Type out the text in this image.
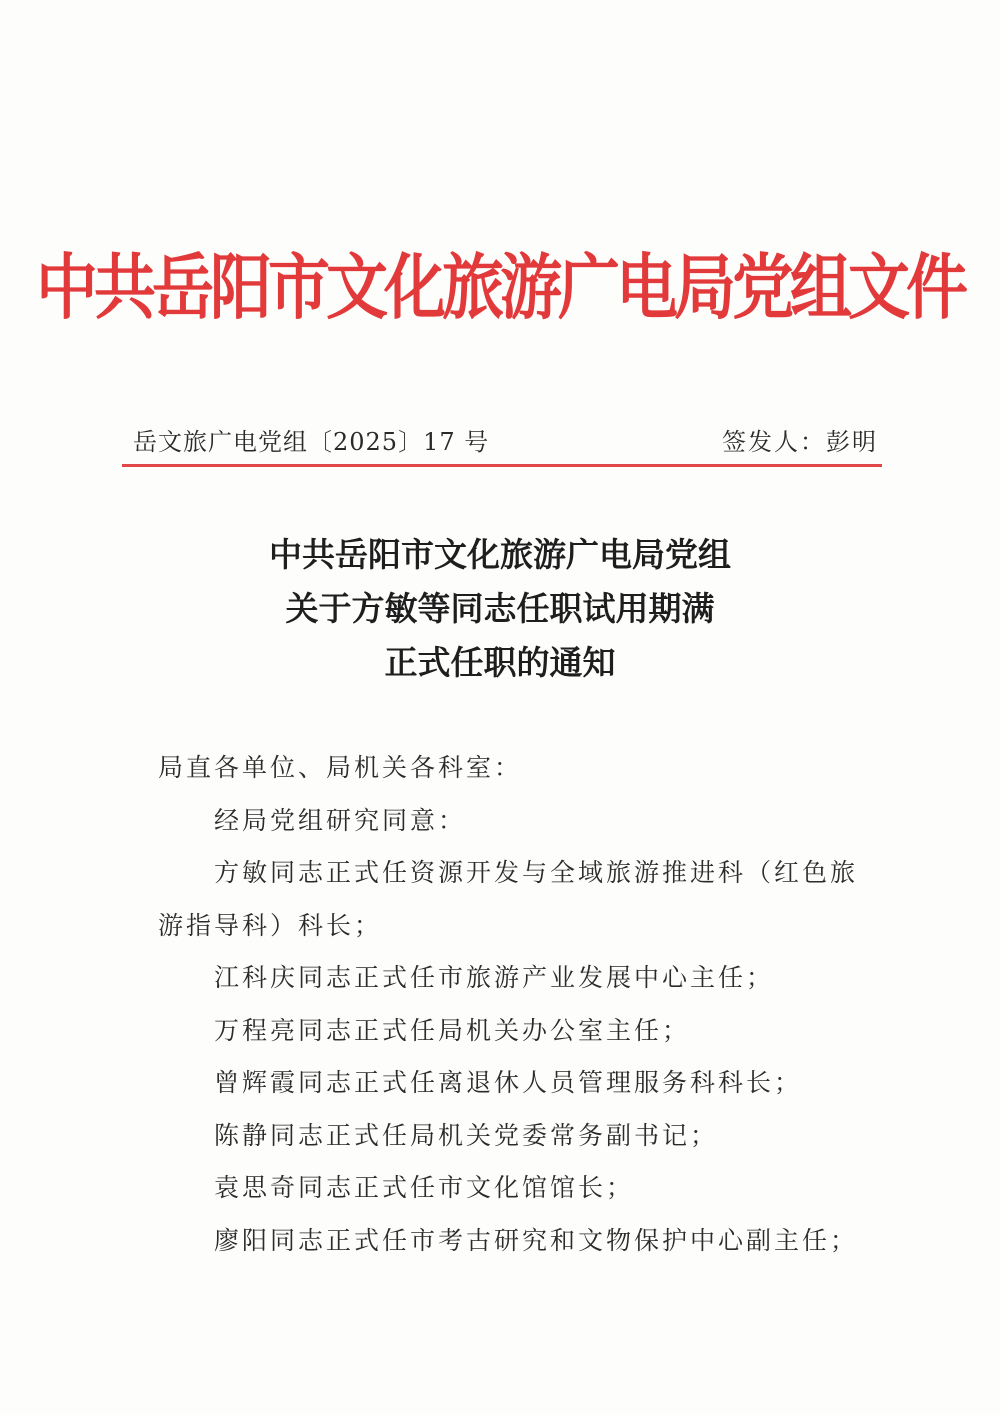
中共岳阳市文化旅游广电局党组文件
岳文旅广电党组〔2025〕17 号	签发人：彭明
中共岳阳市文化旅游广电局党组
关于方敏等同志任职试用期满
正式任职的通知

局直各单位、局机关各科室：

经局党组研究同意：

方敏同志正式任资源开发与全域旅游推进科（红色旅游指导科）科长；

江科庆同志正式任市旅游产业发展中心主任；

万程亮同志正式任局机关办公室主任；

曾辉霞同志正式任离退休人员管理服务科科长；

陈静同志正式任局机关党委常务副书记；

袁思奇同志正式任市文化馆馆长；

廖阳同志正式任市考古研究和文物保护中心副主任；
